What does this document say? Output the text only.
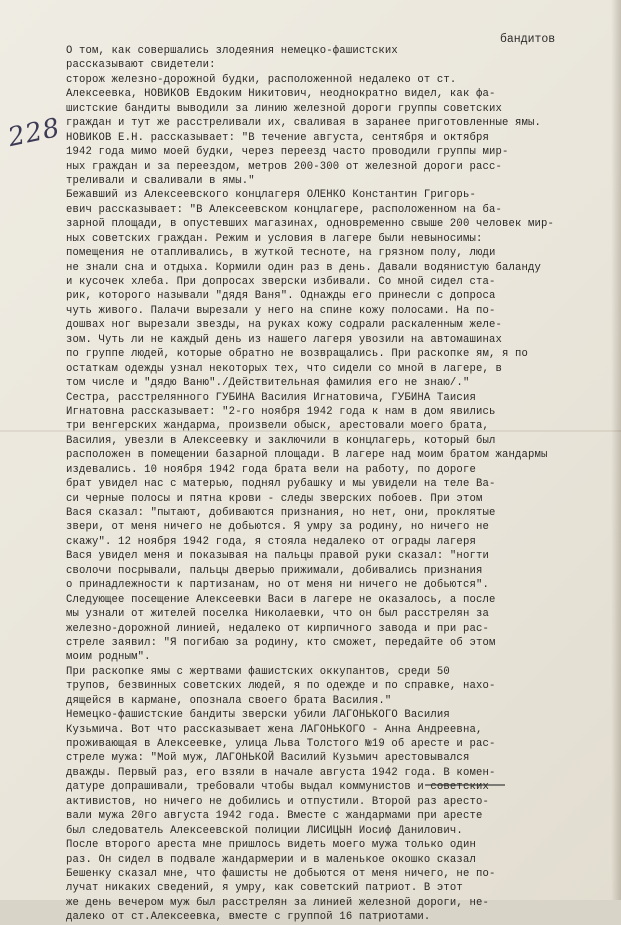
228
бандитов
О том, как совершались злодеяния немецко-фашистских
рассказывают свидетели:
сторож железно-дорожной будки, расположенной недалеко от ст.
Алексеевка, НОВИКОВ Евдоким Никитович, неоднократно видел, как фа-
шистские бандиты выводили за линию железной дороги группы советских
граждан и тут же расстреливали их, сваливая в заранее приготовленные ямы.
НОВИКОВ Е.Н. рассказывает: "В течение августа, сентября и октября
1942 года мимо моей будки, через переезд часто проводили группы мир-
ных граждан и за переездом, метров 200-300 от железной дороги расс-
треливали и сваливали в ямы."
Бежавший из Алексеевского концлагеря ОЛЕНКО Константин Григорь-
евич рассказывает: "В Алексеевском концлагере, расположенном на ба-
зарной площади, в опустевших магазинах, одновременно свыше 200 человек мир-
ных советских граждан. Режим и условия в лагере были невыносимы:
помещения не отапливались, в жуткой тесноте, на грязном полу, люди
не знали сна и отдыха. Кормили один раз в день. Давали водянистую баланду
и кусочек хлеба. При допросах зверски избивали. Со мной сидел ста-
рик, которого называли "дядя Ваня". Однажды его принесли с допроса
чуть живого. Палачи вырезали у него на спине кожу полосами. На по-
дошвах ног вырезали звезды, на руках кожу содрали раскаленным желе-
зом. Чуть ли не каждый день из нашего лагеря увозили на автомашинах
по группе людей, которые обратно не возвращались. При раскопке ям, я по
остаткам одежды узнал некоторых тех, что сидели со мной в лагере, в
том числе и "дядю Ваню"./Действительная фамилия его не знаю/."
Сестра, расстрелянного ГУБИНА Василия Игнатовича, ГУБИНА Таисия
Игнатовна рассказывает: "2-го ноября 1942 года к нам в дом явились
три венгерских жандарма, произвели обыск, арестовали моего брата,
Василия, увезли в Алексеевку и заключили в концлагерь, который был
расположен в помещении базарной площади. В лагере над моим братом жандармы
издевались. 10 ноября 1942 года брата вели на работу, по дороге
брат увидел нас с матерью, поднял рубашку и мы увидели на теле Ва-
си черные полосы и пятна крови - следы зверских побоев. При этом
Вася сказал: "пытают, добиваются признания, но нет, они, проклятые
звери, от меня ничего не добьются. Я умру за родину, но ничего не
скажу". 12 ноября 1942 года, я стояла недалеко от ограды лагеря
Вася увидел меня и показывая на пальцы правой руки сказал: "ногти
сволочи посрывали, пальцы дверью прижимали, добивались признания
о принадлежности к партизанам, но от меня ни ничего не добьются".
Следующее посещение Алексеевки Васи в лагере не оказалось, а после
мы узнали от жителей поселка Николаевки, что он был расстрелян за
железно-дорожной линией, недалеко от кирпичного завода и при рас-
стреле заявил: "Я погибаю за родину, кто сможет, передайте об этом
моим родным".
При раскопке ямы с жертвами фашистских оккупантов, среди 50
трупов, безвинных советских людей, я по одежде и по справке, нахо-
дящейся в кармане, опознала своего брата Василия."
Немецко-фашистские бандиты зверски убили ЛАГОНЬКОГО Василия
Кузьмича. Вот что рассказывает жена ЛАГОНЬКОГО - Анна Андреевна,
проживающая в Алексеевке, улица Льва Толстого №19 об аресте и рас-
стреле мужа: "Мой муж, ЛАГОНЬКОЙ Василий Кузьмич арестовывался
дважды. Первый раз, его взяли в начале августа 1942 года. В комен-
датуре допрашивали, требовали чтобы выдал коммунистов и советских
активистов, но ничего не добились и отпустили. Второй раз аресто-
вали мужа 20го августа 1942 года. Вместе с жандармами при аресте
был следователь Алексеевской полиции ЛИСИЦЫН Иосиф Данилович.
После второго ареста мне пришлось видеть моего мужа только один
раз. Он сидел в подвале жандармерии и в маленькое окошко сказал
Бешенку сказал мне, что фашисты не добьются от меня ничего, не по-
лучат никаких сведений, я умру, как советский патриот. В этот
же день вечером муж был расстрелян за линией железной дороги, не-
далеко от ст.Алексеевка, вместе с группой 16 патриотами.
